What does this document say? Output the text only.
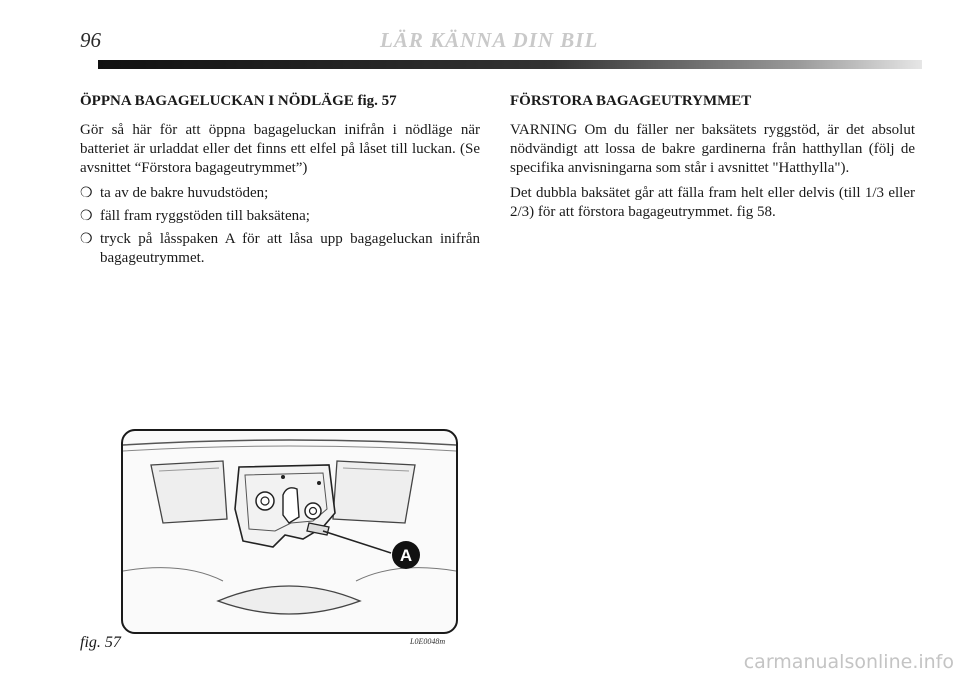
96	LÄR KÄNNA DIN BIL

ÖPPNA BAGAGELUCKAN I NÖDLÄGE fig. 57

Gör så här för att öppna bagageluckan inifrån i nödläge när batteriet är urladdat eller det finns ett elfel på låset till luckan. (Se avsnittet “Förstora bagageutrymmet”)

❍ ta av de bakre huvudstöden;
❍ fäll fram ryggstöden till baksätena;
❍ tryck på låsspaken A för att låsa upp bagageluckan inifrån bagageutrymmet.

FÖRSTORA BAGAGEUTRYMMET

VARNING Om du fäller ner baksätets ryggstöd, är det absolut nödvändigt att lossa de bakre gardinerna från hatthyllan (följ de specifika anvisningarna som står i avsnittet "Hatthylla").

Det dubbla baksätet går att fälla fram helt eller delvis (till 1/3 eller 2/3) för att förstora bagageutrymmet. fig 58.

A
fig. 57	L0E0048m
carmanualsonline.info
